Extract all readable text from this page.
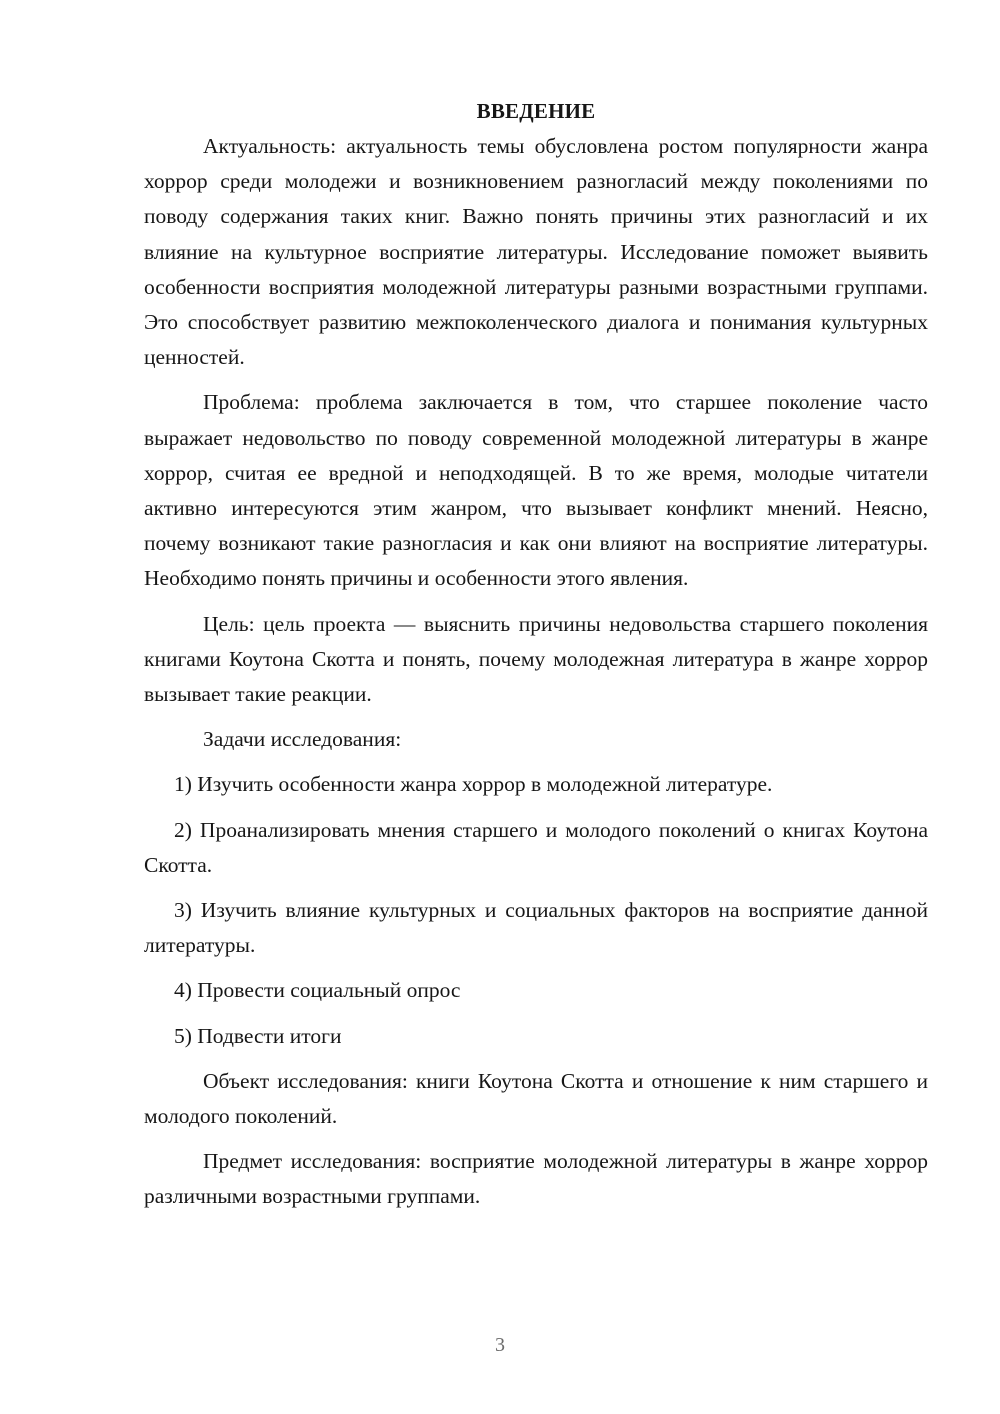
ВВЕДЕНИЕ

Актуальность: актуальность темы обусловлена ростом популярности жанра хоррор среди молодежи и возникновением разногласий между поколениями по поводу содержания таких книг. Важно понять причины этих разногласий и их влияние на культурное восприятие литературы. Исследование поможет выявить особенности восприятия молодежной литературы разными возрастными группами. Это способствует развитию межпоколенческого диалога и понимания культурных ценностей.

Проблема: проблема заключается в том, что старшее поколение часто выражает недовольство по поводу современной молодежной литературы в жанре хоррор, считая ее вредной и неподходящей. В то же время, молодые читатели активно интересуются этим жанром, что вызывает конфликт мнений. Неясно, почему возникают такие разногласия и как они влияют на восприятие литературы. Необходимо понять причины и особенности этого явления.

Цель: цель проекта — выяснить причины недовольства старшего поколения книгами Коутона Скотта и понять, почему молодежная литература в жанре хоррор вызывает такие реакции.

Задачи исследования:

1) Изучить особенности жанра хоррор в молодежной литературе.

2) Проанализировать мнения старшего и молодого поколений о книгах Коутона Скотта.

3) Изучить влияние культурных и социальных факторов на восприятие данной литературы.

4) Провести социальный опрос

5) Подвести итоги

Объект исследования: книги Коутона Скотта и отношение к ним старшего и молодого поколений.

Предмет исследования: восприятие молодежной литературы в жанре хоррор различными возрастными группами.

3
